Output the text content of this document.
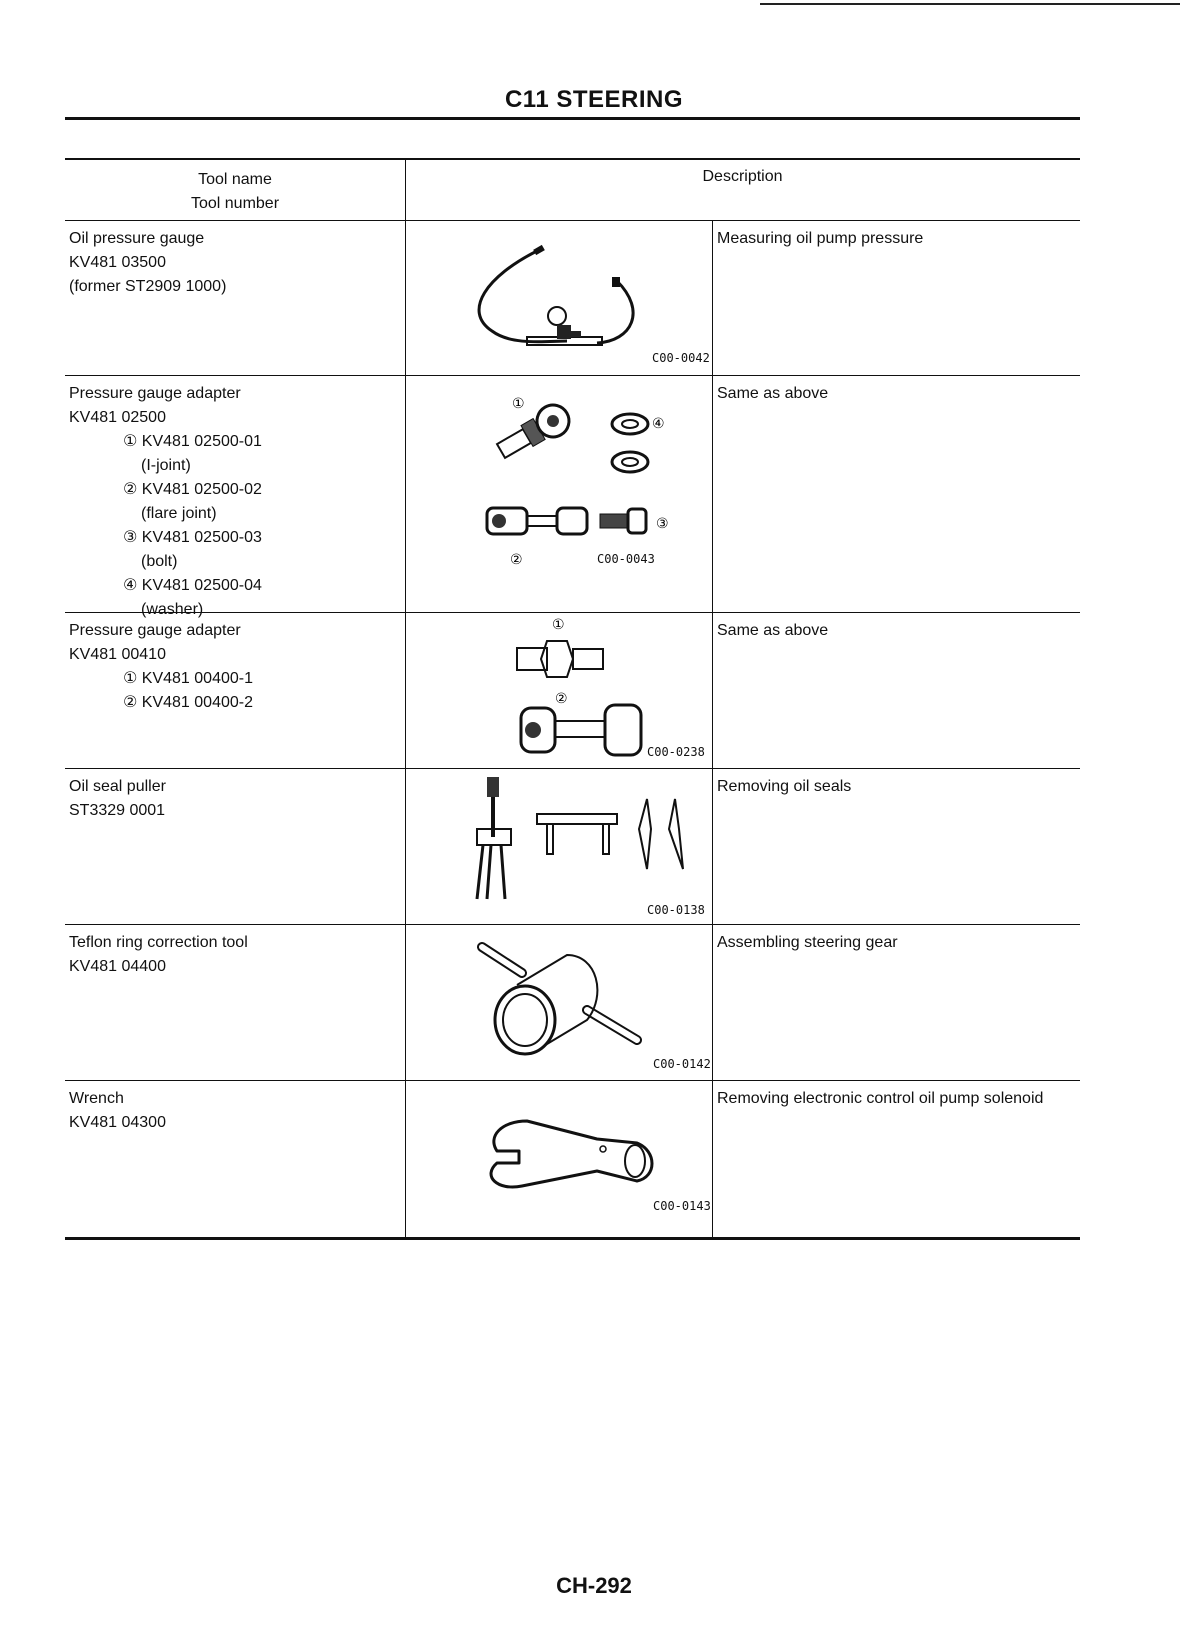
C11 STEERING
Tool name
Tool number
Description
Oil pressure gauge
KV481 03500
(former ST2909 1000)
C00-0042
Measuring oil pump pressure
Pressure gauge adapter
KV481 02500
① KV481 02500-01
(I-joint)
② KV481 02500-02
(flare joint)
③ KV481 02500-03
(bolt)
④ KV481 02500-04
(washer)
①
④
③
②	C00-0043
Same as above
Pressure gauge adapter
KV481 00410
① KV481 00400-1
② KV481 00400-2
①
②
C00-0238
Same as above
Oil seal puller
ST3329 0001
C00-0138
Removing oil seals
Teflon ring correction tool
KV481 04400
C00-0142
Assembling steering gear
Wrench
KV481 04300
C00-0143
Removing electronic control oil pump solenoid
CH-292
